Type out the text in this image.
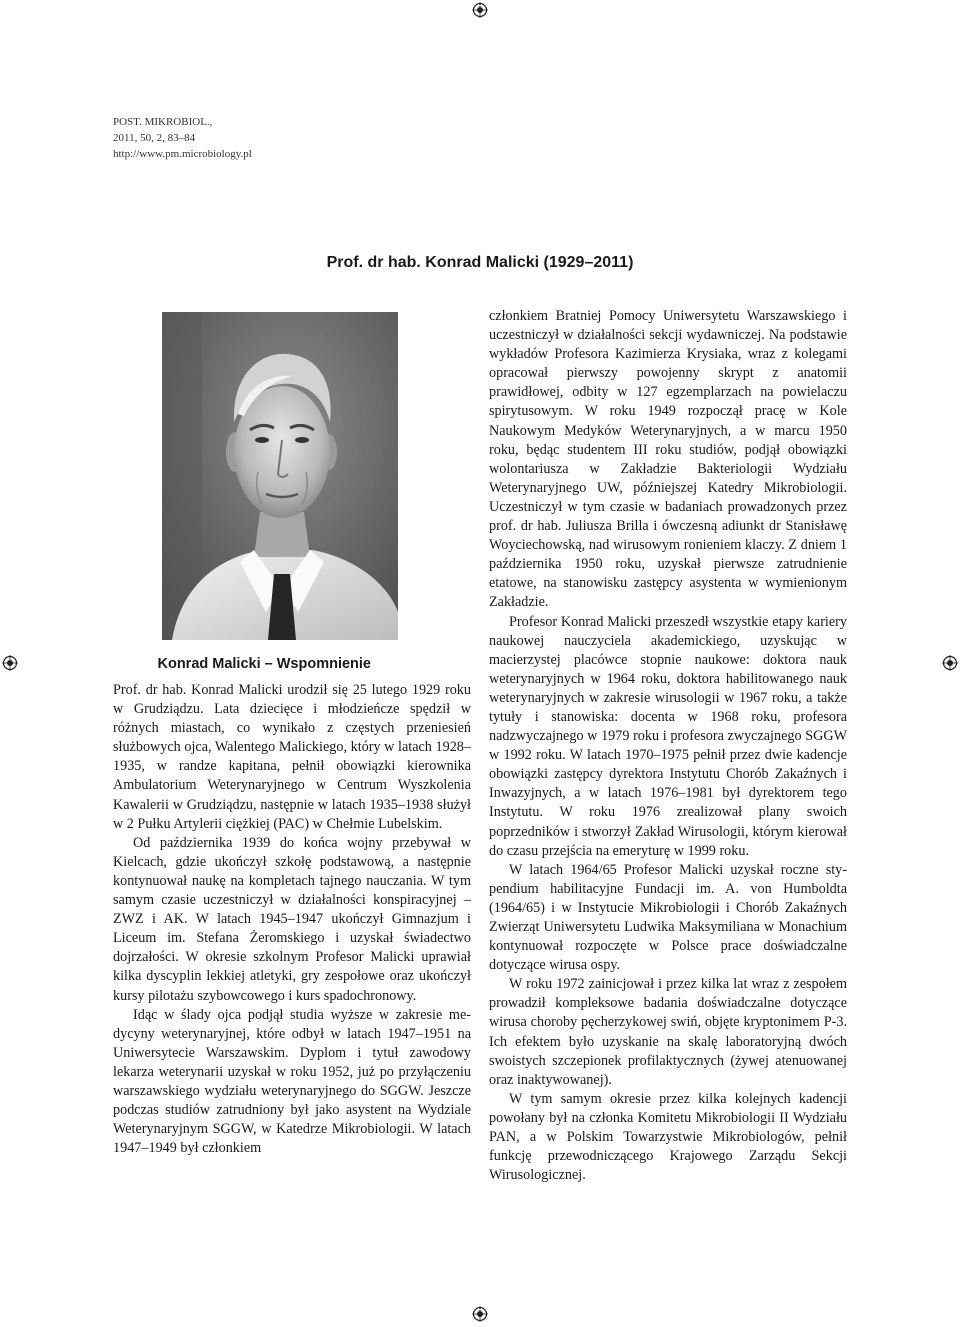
POST. MIKROBIOL.,
2011, 50, 2, 83–84
http://www.pm.microbiology.pl
Prof. dr hab. Konrad Malicki (1929–2011)
Konrad Malicki – Wspomnienie

Prof. dr hab. Konrad Malicki urodził się 25 lutego 1929 roku w Grudziądzu. Lata dziecięce i młodzieńcze spędził w różnych miastach, co wynikało z częstych przeniesień służbowych ojca, Walentego Malickiego, który w latach 1928–1935, w randze kapitana, pełnił obowiązki kierownika Ambulatorium Weterynaryjnego w Centrum Wyszkolenia Kawalerii w Grudziądzu, następnie w latach 1935–1938 służył w 2 Pułku Artylerii ciężkiej (PAC) w Chełmie Lubelskim.

Od października 1939 do końca wojny przebywał w Kielcach, gdzie ukończył szkołę podstawową, a następnie kontynuował naukę na kompletach tajnego nauczania. W tym samym czasie uczestniczył w działalności konspiracyjnej – ZWZ i AK. W latach 1945–1947 ukończył Gimnazjum i Liceum im. Stefana Żeromskiego i uzyskał świadectwo dojrzałości. W okresie szkolnym Profesor Malicki uprawiał kilka dyscyplin lekkiej atletyki, gry zespołowe oraz ukończył kursy pilotażu szybowcowego i kurs spadochronowy.

Idąc w ślady ojca podjął studia wyższe w zakresie medycyny weterynaryjnej, które odbył w latach 1947–1951 na Uniwersytecie Warszawskim. Dyplom i tytuł zawodowy lekarza weterynarii uzyskał w roku 1952, już po przyłączeniu warszawskiego wydziału weterynaryjnego do SGGW. Jeszcze podczas studiów zatrudniony był jako asystent na Wydziale Weterynaryjnym SGGW, w Katedrze Mikrobiologii. W latach 1947–1949 był członkiem

członkiem Bratniej Pomocy Uniwersytetu Warszawskiego i uczestniczył w działalności sekcji wydawniczej. Na podstawie wykładów Profesora Kazimierza Krysiaka, wraz z kolegami opracował pierwszy powojenny skrypt z anatomii prawidłowej, odbity w 127 egzemplarzach na powielaczu spirytusowym. W roku 1949 rozpoczął pracę w Kole Naukowym Medyków Weterynaryjnych, a w marcu 1950 roku, będąc studentem III roku studiów, podjął obowiązki wolontariusza w Zakładzie Bakteriologii Wydziału Weterynaryjnego UW, późniejszej Katedry Mikrobiologii. Uczestniczył w tym czasie w badaniach prowadzonych przez prof. dr hab. Juliusza Brilla i ówczesną adiunkt dr Stanisławę Woyciechowską, nad wirusowym ronieniem klaczy. Z dniem 1 października 1950 roku, uzyskał pierwsze zatrudnienie etatowe, na stanowisku zastępcy asystenta w wymienionym Zakładzie.

Profesor Konrad Malicki przeszedł wszystkie etapy kariery naukowej nauczyciela akademickiego, uzyskując w macierzystej placówce stopnie naukowe: doktora nauk weterynaryjnych w 1964 roku, doktora habilitowanego nauk weterynaryjnych w zakresie wirusologii w 1967 roku, a także tytuły i stanowiska: docenta w 1968 roku, profesora nadzwyczajnego w 1979 roku i profesora zwyczajnego SGGW w 1992 roku. W latach 1970–1975 pełnił przez dwie kadencje obowiązki zastępcy dyrektora Instytutu Chorób Zakaźnych i Inwazyjnych, a w latach 1976–1981 był dyrektorem tego Instytutu. W roku 1976 zrealizował plany swoich poprzedników i stworzył Zakład Wirusologii, którym kierował do czasu przejścia na emeryturę w 1999 roku.

W latach 1964/65 Profesor Malicki uzyskał roczne stypendium habilitacyjne Fundacji im. A. von Humboldta (1964/65) i w Instytucie Mikrobiologii i Chorób Zakaźnych Zwierząt Uniwersytetu Ludwika Maksymiliana w Monachium kontynuował rozpoczęte w Polsce prace doświadczalne dotyczące wirusa ospy.

W roku 1972 zainicjował i przez kilka lat wraz z zespołem prowadził kompleksowe badania doświadczalne dotyczące wirusa choroby pęcherzykowej swiń, objęte kryptonimem P-3. Ich efektem było uzyskanie na skalę laboratoryjną dwóch swoistych szczepionek profilaktycznych (żywej atenuowanej oraz inaktywowanej).

W tym samym okresie przez kilka kolejnych kadencji powołany był na członka Komitetu Mikrobiologii II Wydziału PAN, a w Polskim Towarzystwie Mikrobiologów, pełnił funkcję przewodniczącego Krajowego Zarządu Sekcji Wirusologicznej.
